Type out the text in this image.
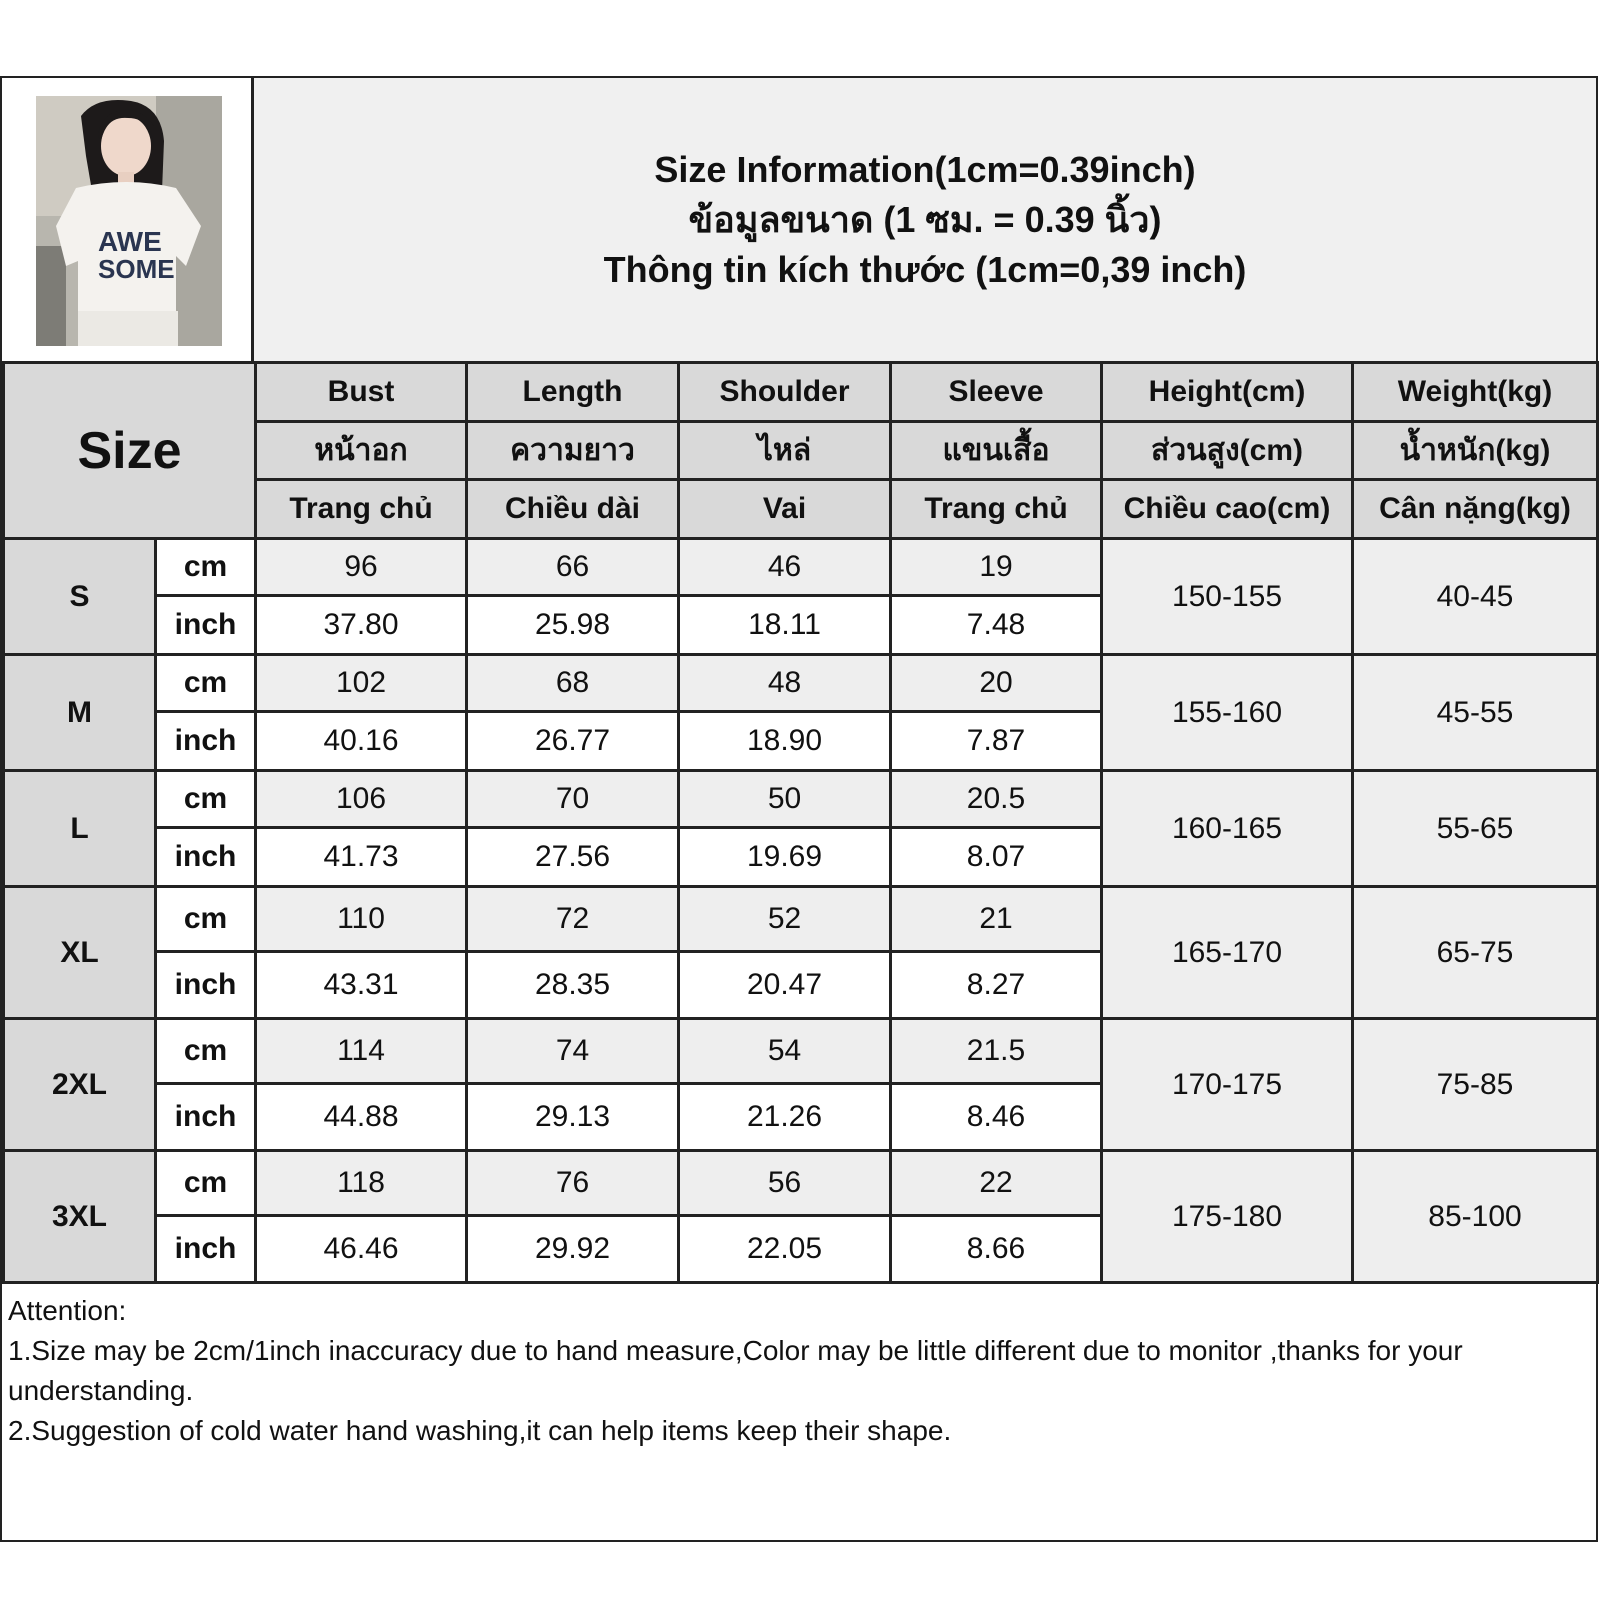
AWE
SOME
Size Information(1cm=0.39inch)
ข้อมูลขนาด (1 ซม. = 0.39 นิ้ว)
Thông tin kích thước (1cm=0,39 inch)
Size		Bust	Length	Shoulder	Sleeve	Height(cm)	Weight(kg)
		หน้าอก	ความยาว	ไหล่	แขนเสื้อ	ส่วนสูง(cm)	น้ำหนัก(kg)
		Trang chủ	Chiều dài	Vai	Trang chủ	Chiều cao(cm)	Cân nặng(kg)
S	cm	96	66	46	19	150-155	40-45
	inch	37.80	25.98	18.11	7.48		
M	cm	102	68	48	20	155-160	45-55
	inch	40.16	26.77	18.90	7.87		
L	cm	106	70	50	20.5	160-165	55-65
	inch	41.73	27.56	19.69	8.07		
XL	cm	110	72	52	21	165-170	65-75
	inch	43.31	28.35	20.47	8.27		
2XL	cm	114	74	54	21.5	170-175	75-85
	inch	44.88	29.13	21.26	8.46		
3XL	cm	118	76	56	22	175-180	85-100
	inch	46.46	29.92	22.05	8.66		
Attention:
1.Size may be 2cm/1inch inaccuracy due to hand measure,Color may be little different due to monitor ,thanks for your understanding.
2.Suggestion of cold water hand washing,it can help items keep their shape.
